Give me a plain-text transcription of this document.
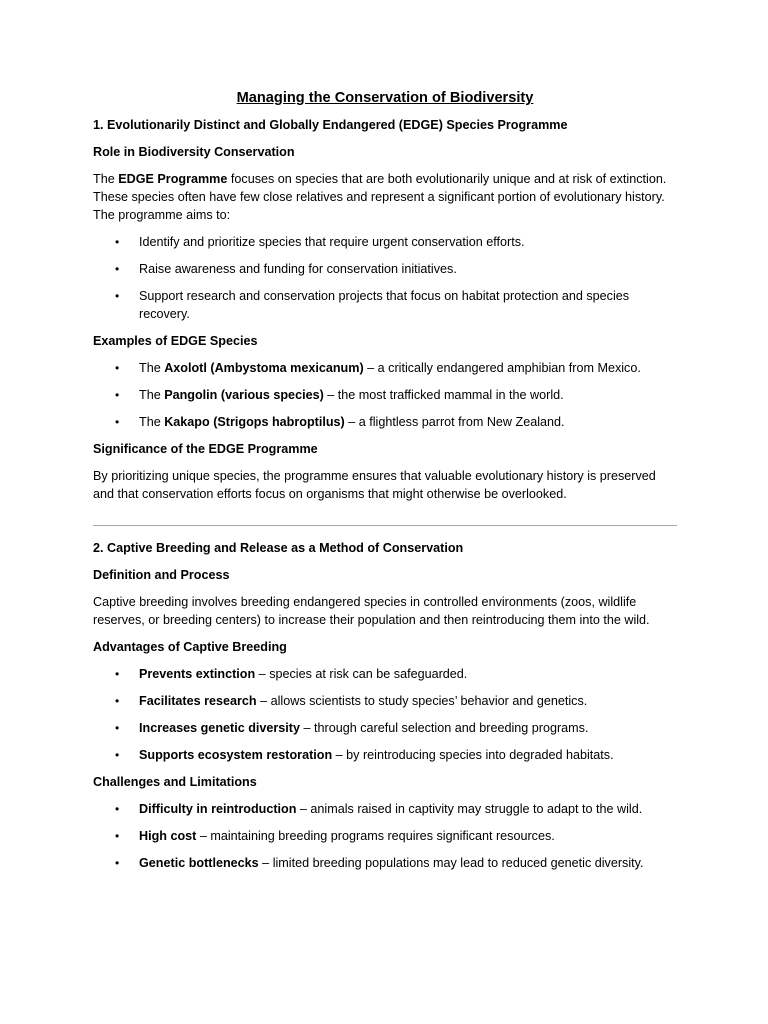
Managing the Conservation of Biodiversity
1. Evolutionarily Distinct and Globally Endangered (EDGE) Species Programme
Role in Biodiversity Conservation
The EDGE Programme focuses on species that are both evolutionarily unique and at risk of extinction. These species often have few close relatives and represent a significant portion of evolutionary history. The programme aims to:
• Identify and prioritize species that require urgent conservation efforts.
• Raise awareness and funding for conservation initiatives.
• Support research and conservation projects that focus on habitat protection and species recovery.
Examples of EDGE Species
• The Axolotl (Ambystoma mexicanum) – a critically endangered amphibian from Mexico.
• The Pangolin (various species) – the most trafficked mammal in the world.
• The Kakapo (Strigops habroptilus) – a flightless parrot from New Zealand.
Significance of the EDGE Programme
By prioritizing unique species, the programme ensures that valuable evolutionary history is preserved and that conservation efforts focus on organisms that might otherwise be overlooked.
2. Captive Breeding and Release as a Method of Conservation
Definition and Process
Captive breeding involves breeding endangered species in controlled environments (zoos, wildlife reserves, or breeding centers) to increase their population and then reintroducing them into the wild.
Advantages of Captive Breeding
• Prevents extinction – species at risk can be safeguarded.
• Facilitates research – allows scientists to study species’ behavior and genetics.
• Increases genetic diversity – through careful selection and breeding programs.
• Supports ecosystem restoration – by reintroducing species into degraded habitats.
Challenges and Limitations
• Difficulty in reintroduction – animals raised in captivity may struggle to adapt to the wild.
• High cost – maintaining breeding programs requires significant resources.
• Genetic bottlenecks – limited breeding populations may lead to reduced genetic diversity.
